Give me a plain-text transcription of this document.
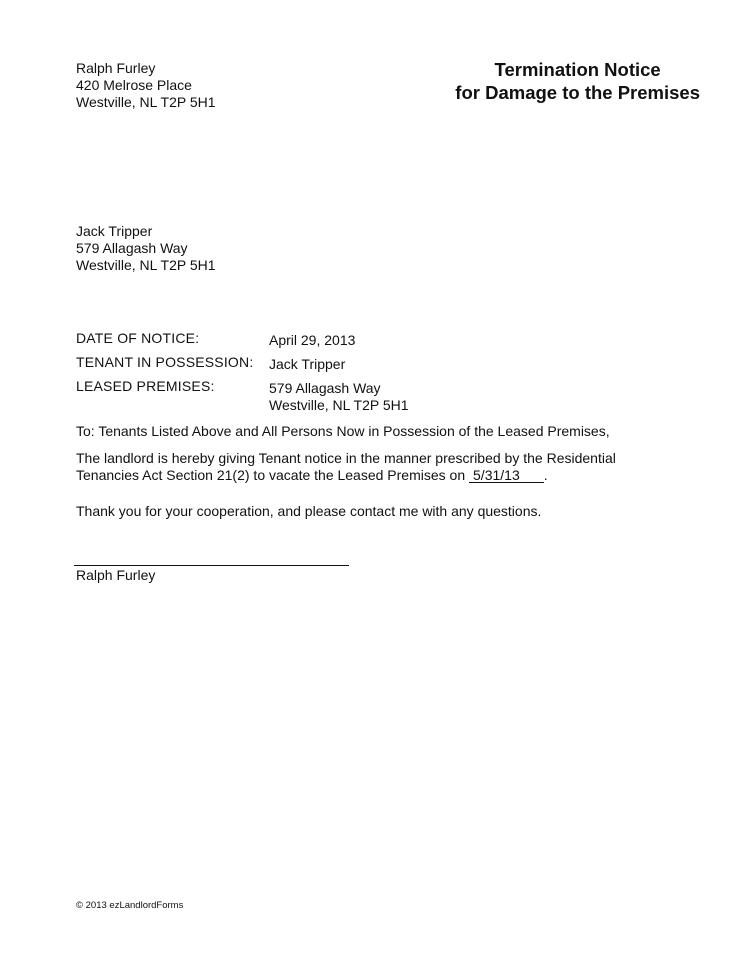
Ralph Furley
420 Melrose Place
Westville, NL T2P 5H1
Termination Notice
for Damage to the Premises
Jack Tripper
579 Allagash Way
Westville, NL T2P 5H1
DATE OF NOTICE:	April 29, 2013
TENANT IN POSSESSION: Jack Tripper
LEASED PREMISES:	579 Allagash Way
Westville, NL T2P 5H1
To: Tenants Listed Above and All Persons Now in Possession of the Leased Premises,
The landlord is hereby giving Tenant notice in the manner prescribed by the Residential
Tenancies Act Section 21(2) to vacate the Leased Premises on 5/31/13 .
Thank you for your cooperation, and please contact me with any questions.
Ralph Furley
© 2013 ezLandlordForms
